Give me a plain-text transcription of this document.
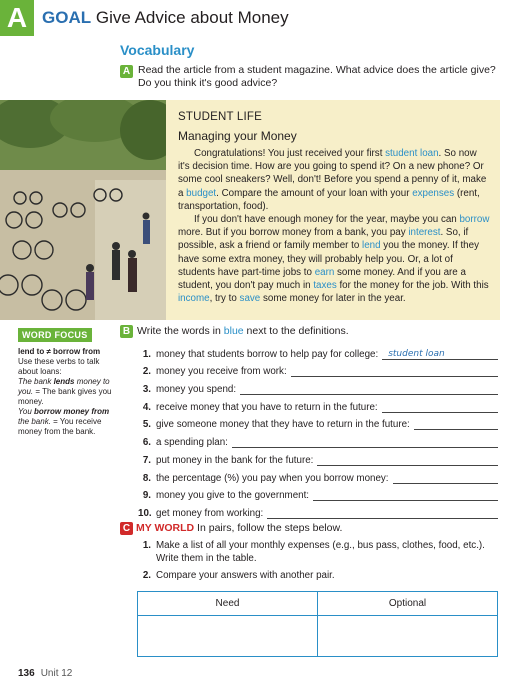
A GOAL Give Advice about Money
Vocabulary
A Read the article from a student magazine. What advice does the article give? Do you think it's good advice?
STUDENT LIFE
Managing your Money

Congratulations! You just received your first student loan. So now it's decision time. How are you going to spend it? On a new phone? Or some cool sneakers? Well, don't! Before you spend a penny of it, make a budget. Compare the amount of your loan with your expenses (rent, transportation, food).

If you don't have enough money for the year, maybe you can borrow more. But if you borrow money from a bank, you pay interest. So, if possible, ask a friend or family member to lend you the money. If they have some extra money, they will probably help you. Or, a lot of students have part-time jobs to earn some money. And if you are a student, you don't pay much in taxes for the money for the job. With this income, try to save some money for later in the year.

WORD FOCUS
lend to ≠ borrow from
Use these verbs to talk about loans:
The bank lends money to you. = The bank gives you money.
You borrow money from the bank. = You receive money from the bank.
B Write the words in blue next to the definitions.
1. money that students borrow to help pay for college: student loan
2. money you receive from work:
3. money you spend:
4. receive money that you have to return in the future:
5. give someone money that they have to return in the future:
6. a spending plan:
7. put money in the bank for the future:
8. the percentage (%) you pay when you borrow money:
9. money you give to the government:
10. get money from working:
C MY WORLD In pairs, follow the steps below.
1. Make a list of all your monthly expenses (e.g., bus pass, clothes, food, etc.). Write them in the table.
2. Compare your answers with another pair.
Need	Optional
136 Unit 12
